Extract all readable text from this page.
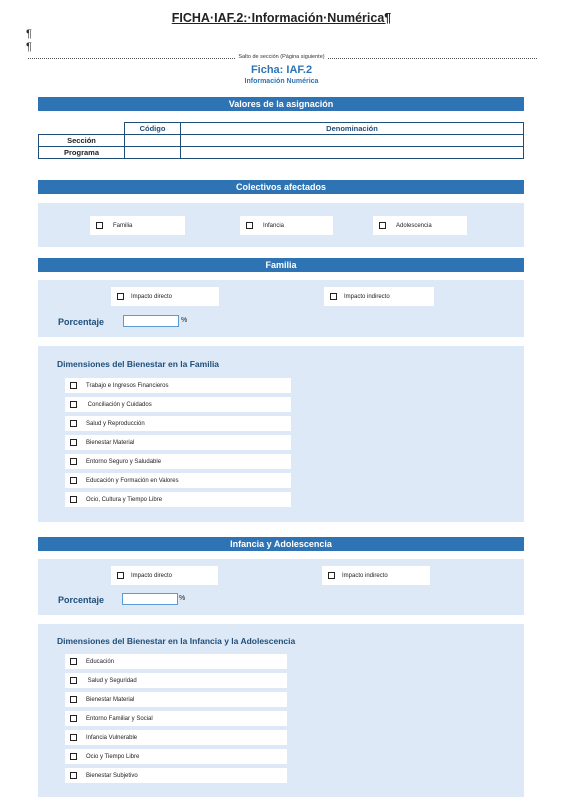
FICHA·IAF.2:·Información·Numérica¶
¶
¶
Salto de sección (Página siguiente)
Ficha: IAF.2
Información Numérica
Valores de la asignación
	Código	Denominación
Sección		
Programa		
Colectivos afectados
Familia	Infancia	Adolescencia
Familia
Impacto directo	Impacto indirecto
Porcentaje	%
Dimensiones del Bienestar en la Familia
Trabajo e Ingresos Financieros
Conciliación y Cuidados
Salud y Reproducción
Bienestar Material
Entorno Seguro y Saludable
Educación y Formación en Valores
Ocio, Cultura y Tiempo Libre
Infancia y Adolescencia
Impacto directo	Impacto indirecto
Porcentaje	%
Dimensiones del Bienestar en la Infancia y la Adolescencia
Educación
Salud y Seguridad
Bienestar Material
Entorno Familiar y Social
Infancia Vulnerable
Ocio y Tiempo Libre
Bienestar Subjetivo
